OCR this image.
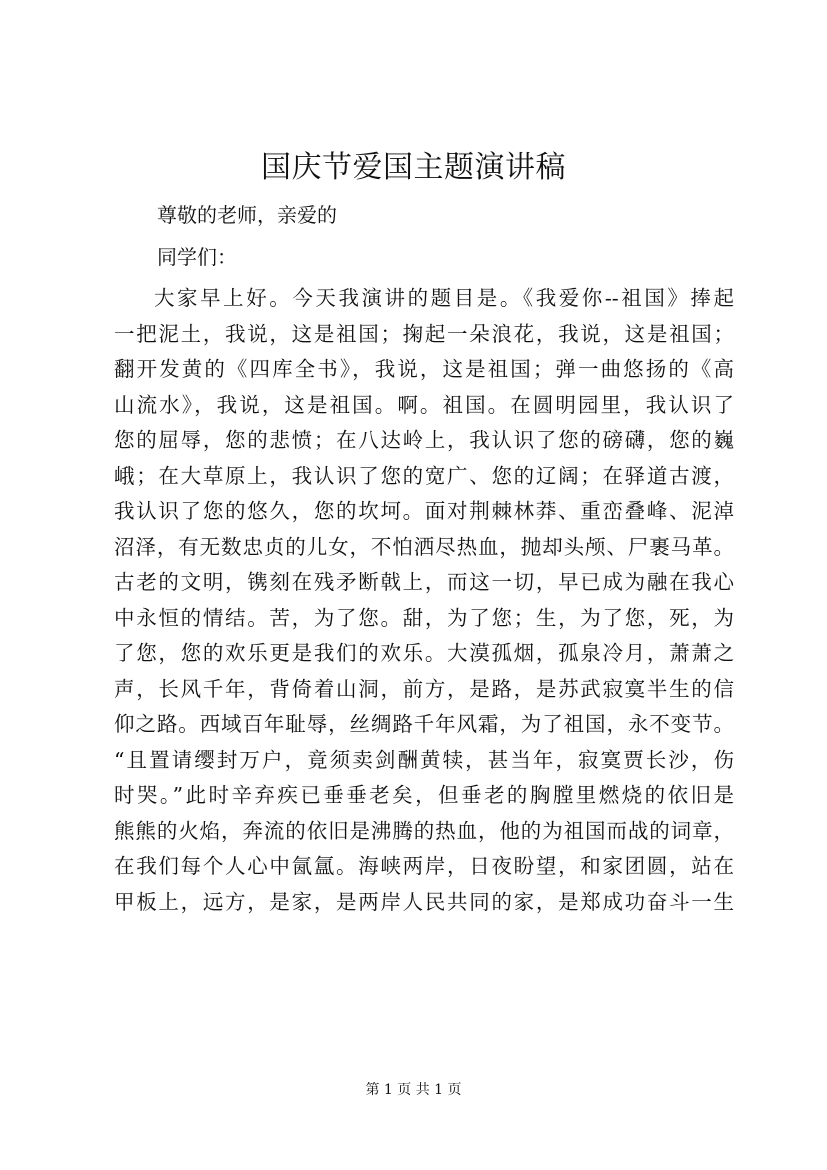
国庆节爱国主题演讲稿
尊敬的老师，亲爱的
同学们：
大家早上好。今天我演讲的题目是。《我爱你--祖国》捧起
一把泥土，我说，这是祖国；掬起一朵浪花，我说，这是祖国；
翻开发黄的《四库全书》，我说，这是祖国；弹一曲悠扬的《高
山流水》，我说，这是祖国。啊。祖国。在圆明园里，我认识了
您的屈辱，您的悲愤；在八达岭上，我认识了您的磅礴，您的巍
峨；在大草原上，我认识了您的宽广、您的辽阔；在驿道古渡，
我认识了您的悠久，您的坎坷。面对荆棘林莽、重峦叠峰、泥淖
沼泽，有无数忠贞的儿女，不怕洒尽热血，抛却头颅、尸裹马革。
古老的文明，镌刻在残矛断戟上，而这一切，早已成为融在我心
中永恒的情结。苦，为了您。甜，为了您；生，为了您，死，为
了您，您的欢乐更是我们的欢乐。大漠孤烟，孤泉冷月，萧萧之
声，长风千年，背倚着山洞，前方，是路，是苏武寂寞半生的信
仰之路。西域百年耻辱，丝绸路千年风霜，为了祖国，永不变节。
“且置请缨封万户，竟须卖剑酬黄犊，甚当年，寂寞贾长沙，伤
时哭。”此时辛弃疾已垂垂老矣，但垂老的胸膛里燃烧的依旧是
熊熊的火焰，奔流的依旧是沸腾的热血，他的为祖国而战的词章，
在我们每个人心中氤氲。海峡两岸，日夜盼望，和家团圆，站在
甲板上，远方，是家，是两岸人民共同的家，是郑成功奋斗一生
第 1 页 共 1 页
